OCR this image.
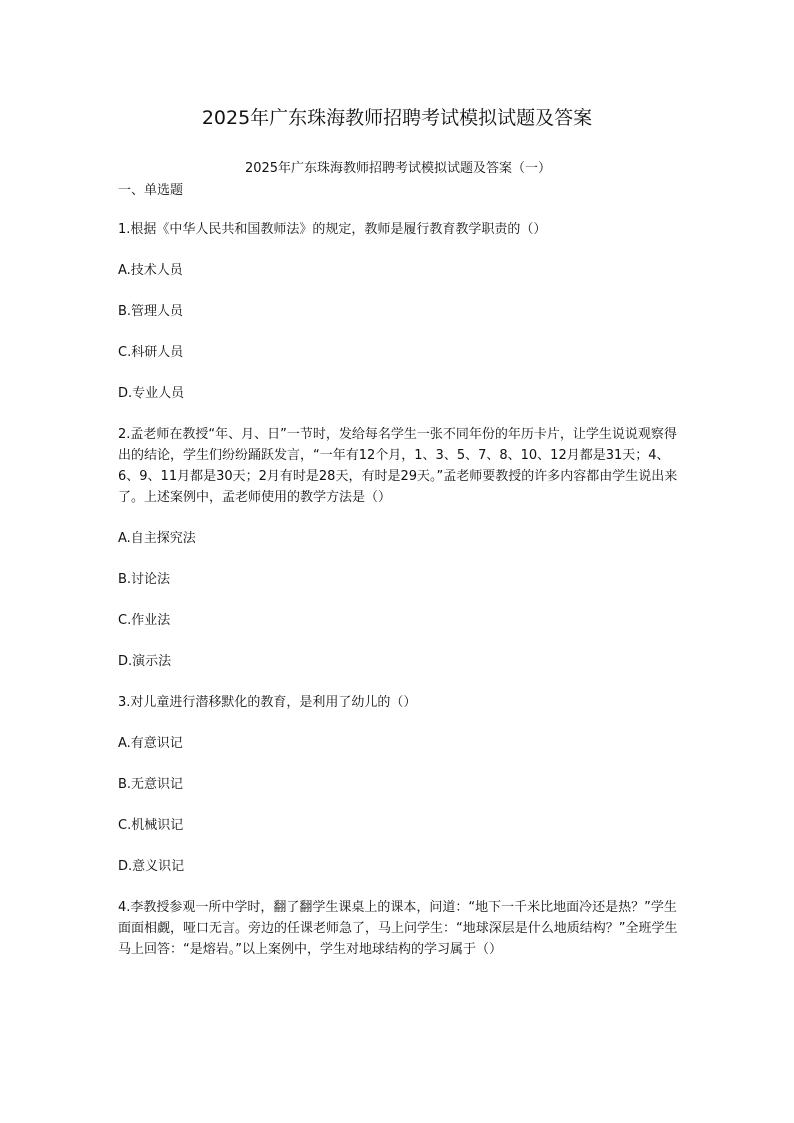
2025年广东珠海教师招聘考试模拟试题及答案

2025年广东珠海教师招聘考试模拟试题及答案（一）

一、单选题

1.根据《中华人民共和国教师法》的规定，教师是履行教育教学职责的（）

A.技术人员

B.管理人员

C.科研人员

D.专业人员

2.孟老师在教授“年、月、日”一节时，发给每名学生一张不同年份的年历卡片，让学生说说观察得出的结论，学生们纷纷踊跃发言，“一年有12个月，1、3、5、7、8、10、12月都是31天；4、6、9、11月都是30天；2月有时是28天，有时是29天。”孟老师要教授的许多内容都由学生说出来了。上述案例中，孟老师使用的教学方法是（）

A.自主探究法

B.讨论法

C.作业法

D.演示法

3.对儿童进行潜移默化的教育，是利用了幼儿的（）

A.有意识记

B.无意识记

C.机械识记

D.意义识记

4.李教授参观一所中学时，翻了翻学生课桌上的课本，问道：“地下一千米比地面冷还是热？”学生面面相觑，哑口无言。旁边的任课老师急了，马上问学生：“地球深层是什么地质结构？”全班学生马上回答：“是熔岩。”以上案例中，学生对地球结构的学习属于（）
